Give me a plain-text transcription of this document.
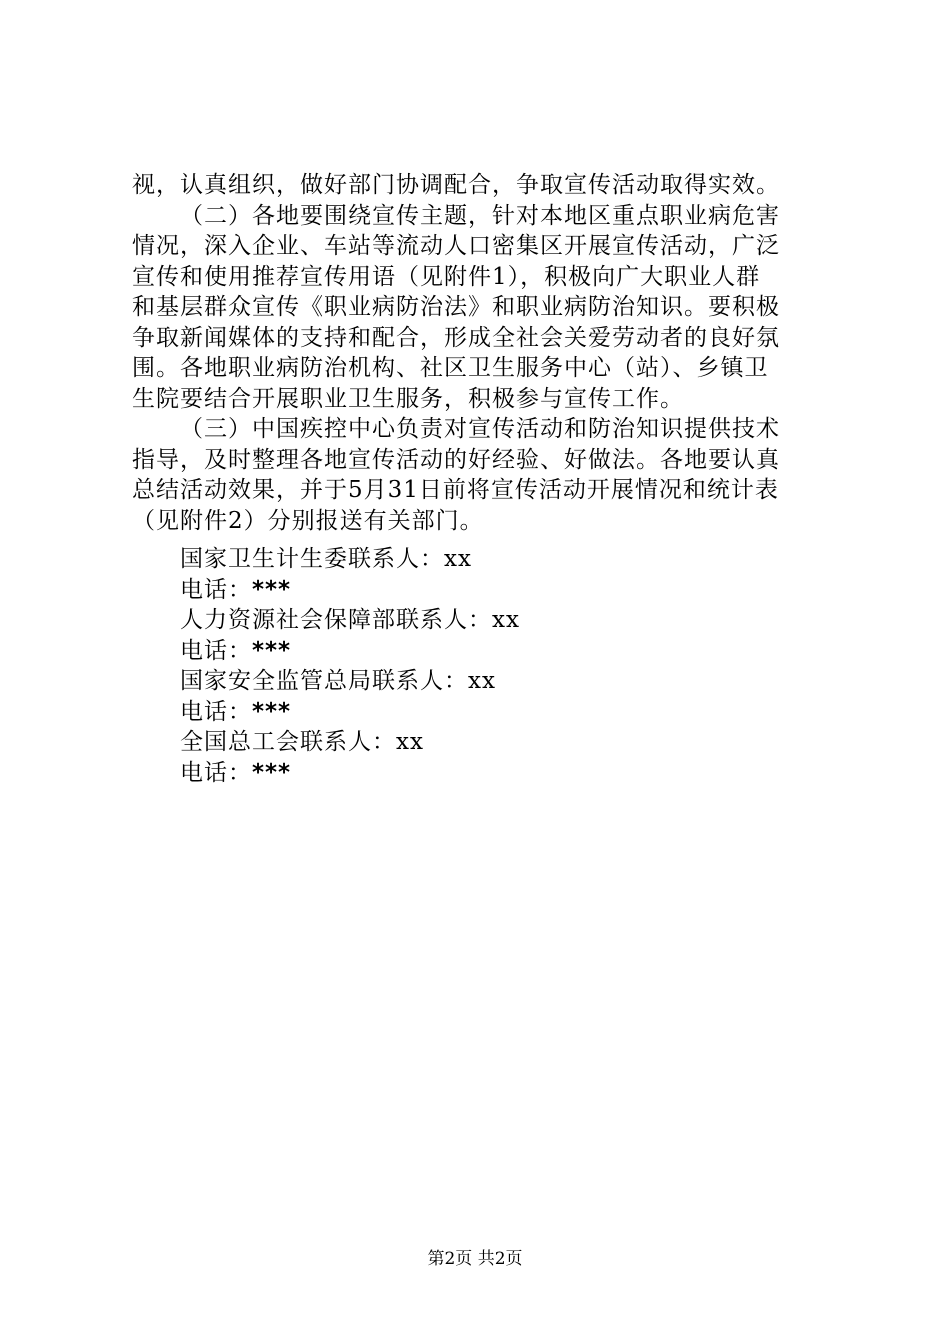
视，认真组织，做好部门协调配合，争取宣传活动取得实效。
（二）各地要围绕宣传主题，针对本地区重点职业病危害
情况，深入企业、车站等流动人口密集区开展宣传活动，广泛
宣传和使用推荐宣传用语（见附件1），积极向广大职业人群
和基层群众宣传《职业病防治法》和职业病防治知识。要积极
争取新闻媒体的支持和配合，形成全社会关爱劳动者的良好氛
围。各地职业病防治机构、社区卫生服务中心（站）、乡镇卫
生院要结合开展职业卫生服务，积极参与宣传工作。
（三）中国疾控中心负责对宣传活动和防治知识提供技术
指导，及时整理各地宣传活动的好经验、好做法。各地要认真
总结活动效果，并于5月31日前将宣传活动开展情况和统计表
（见附件2）分别报送有关部门。
国家卫生计生委联系人：xx
电话：***
人力资源社会保障部联系人：xx
电话：***
国家安全监管总局联系人：xx
电话：***
全国总工会联系人：xx
电话：***
第2页 共2页
